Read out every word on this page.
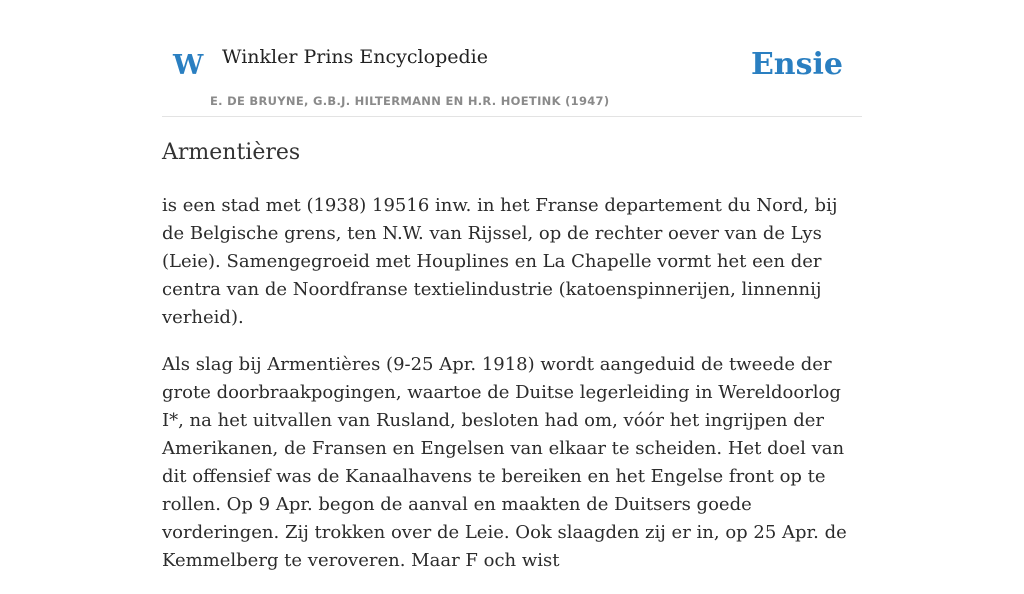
W Winkler Prins Encyclopedie
E. DE BRUYNE, G.B.J. HILTERMANN EN H.R. HOETINK (1947)
Ensie
Armentières

is een stad met (1938) 19516 inw. in het Franse departement du Nord, bij de Belgische grens, ten N.W. van Rijssel, op de rechter oever van de Lys (Leie). Samengegroeid met Houplines en La Chapelle vormt het een der centra van de Noordfranse textielindustrie (katoenspinnerijen, linnennij verheid).

Als slag bij Armentières (9-25 Apr. 1918) wordt aangeduid de tweede der grote doorbraakpogingen, waartoe de Duitse legerleiding in Wereldoorlog I*, na het uitvallen van Rusland, besloten had om, vóór het ingrijpen der Amerikanen, de Fransen en Engelsen van elkaar te scheiden. Het doel van dit offensief was de Kanaalhavens te bereiken en het Engelse front op te rollen. Op 9 Apr. begon de aanval en maakten de Duitsers goede vorderingen. Zij trokken over de Leie. Ook slaagden zij er in, op 25 Apr. de Kemmelberg te veroveren. Maar F och wist
